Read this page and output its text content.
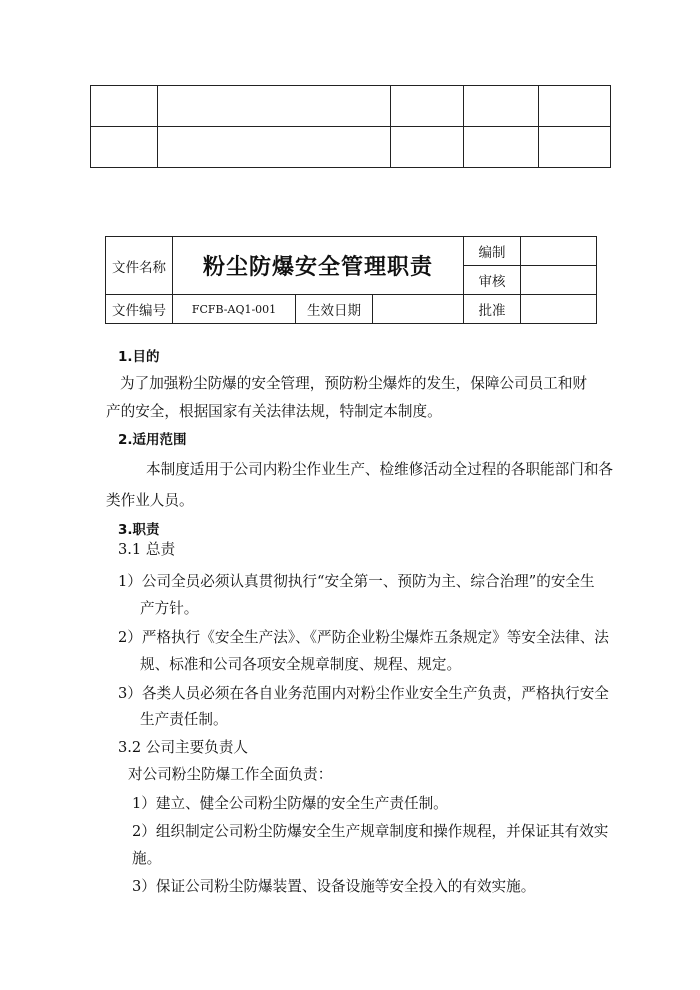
文件名称	粉尘防爆安全管理职责			编制	
				审核	
文件编号	FCFB-AQ1-001	生效日期		批准	
1.目的
为了加强粉尘防爆的安全管理，预防粉尘爆炸的发生，保障公司员工和财
产的安全，根据国家有关法律法规，特制定本制度。
2.适用范围
本制度适用于公司内粉尘作业生产、检维修活动全过程的各职能部门和各
类作业人员。
3.职责
3.1 总责
1）公司全员必须认真贯彻执行“安全第一、预防为主、综合治理”的安全生
产方针。
2）严格执行《安全生产法》、《严防企业粉尘爆炸五条规定》等安全法律、法
规、标准和公司各项安全规章制度、规程、规定。
3）各类人员必须在各自业务范围内对粉尘作业安全生产负责，严格执行安全
生产责任制。
3.2 公司主要负责人
对公司粉尘防爆工作全面负责：
1）建立、健全公司粉尘防爆的安全生产责任制。
2）组织制定公司粉尘防爆安全生产规章制度和操作规程，并保证其有效实
施。
3）保证公司粉尘防爆装置、设备设施等安全投入的有效实施。
